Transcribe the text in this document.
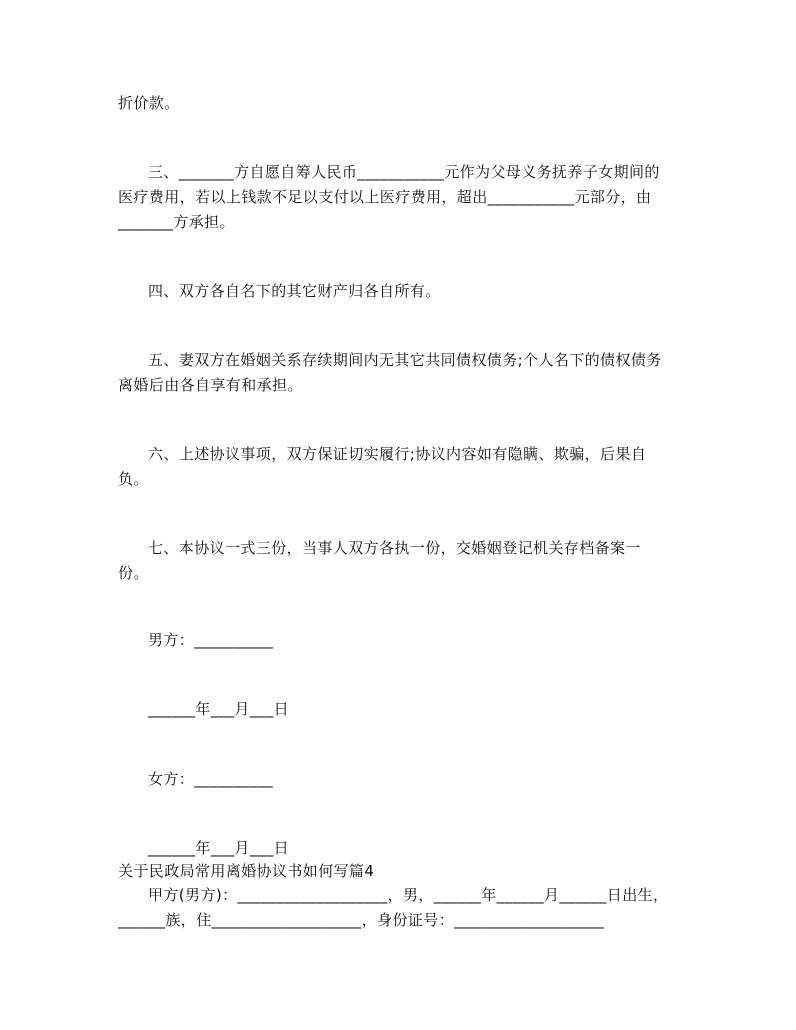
折价款。
三、_______方自愿自筹人民币___________元作为父母义务抚养子女期间的
医疗费用，若以上钱款不足以支付以上医疗费用，超出___________元部分，由
_______方承担。
四、双方各自名下的其它财产归各自所有。
五、妻双方在婚姻关系存续期间内无其它共同债权债务;个人名下的债权债务
离婚后由各自享有和承担。
六、上述协议事项，双方保证切实履行;协议内容如有隐瞒、欺骗，后果自
负。
七、本协议一式三份，当事人双方各执一份，交婚姻登记机关存档备案一
份。
男方：__________
______年___月___日
女方：__________
______年___月___日
关于民政局常用离婚协议书如何写篇4
甲方(男方)：___________________，男，______年______月______日出生，
______族，住___________________，身份证号：___________________
